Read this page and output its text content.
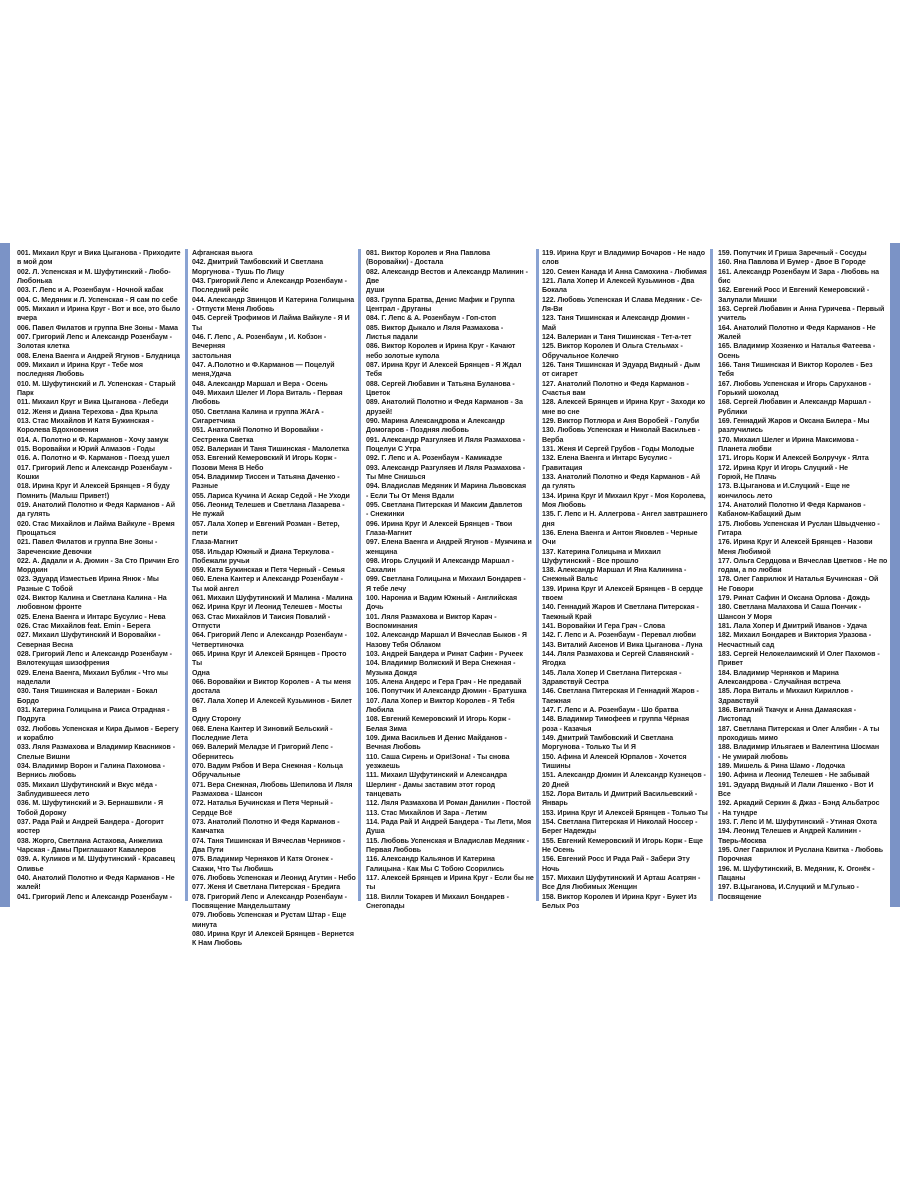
001. Михаил Круг и Вика Цыганова - Приходите
в мой дом
002. Л. Успенская и М. Шуфутинский - Любо-
Любонька
003. Г. Лепс и А. Розенбаум - Ночной кабак
004. С. Медяник и Л. Успенская - Я сам по себе
005. Михаил и Ирина Круг - Вот и все, это было
вчера
006. Павел Филатов и группа Вне Зоны - Мама
007. Григорий Лепс и Александр Розенбаум -
Золотая клетка
008. Елена Ваенга и Андрей Ягунов - Блудница
009. Михаил и Ирина Круг - Тебе моя
последняя Любовь
010. М. Шуфутинский и Л. Успенская - Старый
Парк
011. Михаил Круг и Вика Цыганова - Лебеди
012. Женя и Диана Терехова - Два Крыла
013. Стас Михайлов И Катя Бужинская -
Королева Вдохновения
014. А. Полотно и Ф. Карманов - Хочу замуж
015. Воровайки и Юрий Алмазов - Годы
016. А. Полотно и Ф. Карманов - Поезд ушел
017. Григорий Лепс и Александр Розенбаум -
Кошки
018. Ирина Круг И Алексей Брянцев - Я буду
Помнить (Малыш Привет!)
019. Анатолий Полотно и Федя Карманов - Ай
да гулять
020. Стас Михайлов и Лайма Вайкуле - Время
Прощаться
021. Павел Филатов и группа Вне Зоны -
Зареченские Девочки
022. А. Дадали и А. Дюмин - За Сто Причин Его
Мордкин
023. Эдуард Изместьев Ирина Янюк - Мы
Разные С Тобой
024. Виктор Калина и Светлана Калина - На
любовном фронте
025. Елена Ваенга и Интарс Бусулис - Нева
026. Стас Михайлов feat. Emin - Берега
027. Михаил Шуфутинский И Воровайки -
Северная Весна
028. Григорий Лепс и Александр Розенбаум -
Вялотекущая шизофрения
029. Елена Ваенга, Михаил Бублик - Что мы
наделали
030. Таня Тишинская и Валериан - Бокал
Бордо
031. Катерина Голицына и Раиса Отрадная -
Подруга
032. Любовь Успенская и Кира Дымов - Берегу
и кораблю
033. Ляля Размахова и Владимир Квасников -
Спелые Вишни
034. Владимир Ворон и Галина Пахомова -
Вернись любовь
035. Михаил Шуфутинский и Вкус мёда -
Заблудившееся лето
036. М. Шуфутинский и Э. Бернашвили - Я
Тобой Дорожу
037. Рада Рай и Андрей Бандера - Догорит
костер
038. Жорго, Светлана Астахова, Анжелика
Чарская - Дамы Приглашают Кавалеров
039. А. Куликов и М. Шуфутинский - Красавец
Оливье
040. Анатолий Полотно и Федя Карманов - Не
жалей!
041. Григорий Лепс и Александр Розенбаум -
Афганская вьюга
042. Дмитрий Тамбовский И Светлана
Моргунова - Тушь По Лицу
043. Григорий Лепс и Александр Розенбаум -
Последний рейс
044. Александр Звинцов И Катерина Голицына
- Отпусти Меня Любовь
045. Сергей Трофимов И Лайма Вайкуле - Я И
Ты
046. Г. Лепс , А. Розенбаум , И. Кобзон - Вечерняя
застольная
047. А.Полотно и Ф.Карманов — Поцелуй
меня,Удача
048. Александр Маршал и Вера - Осень
049. Михаил Шелег И Лора Виталь - Первая
Любовь
050. Светлана Калина и группа ЖАгА -
Сигаретчика
051. Анатолий Полотно И Воровайки -
Сестренка Светка
052. Валериан И Таня Тишинская - Малолетка
053. Евгений Кемеровский И Игорь Корж -
Позови Меня В Небо
054. Владимир Тиссен и Татьяна Даченко -
Разные
055. Лариса Кучина И Аскар Седой - Не Уходи
056. Леонид Телешев и Светлана Лазарева -
Не пужай
057. Лала Хопер и Евгений Розман - Ветер, пети
Глаза-Магнит
058. Ильдар Южный и Диана Теркулова -
Побежали ручьи
059. Катя Бужинская и Петя Черный - Семья
060. Елена Кантер и Александр Розенбаум -
Ты мой ангел
061. Михаил Шуфутинский И Малина - Малина
062. Ирина Круг И Леонид Телешев - Мосты
063. Стас Михайлов И Таисия Повалий -
Отпусти
064. Григорий Лепс и Александр Розенбаум -
Четвертиночка
065. Ирина Круг И Алексей Брянцев - Просто Ты
Одна
066. Воровайки и Виктор Королев - А ты меня
достала
067. Лала Хопер И Алексей Кузьминов - Билет В
Одну Сторону
068. Елена Кантер И Зиновий Бельский -
Последние Лета
069. Валерий Меладзе И Григорий Лепс -
Обернитесь
070. Вадим Рябов И Вера Снежная - Кольца
Обручальные
071. Вера Снежная, Любовь Шепилова И Ляля
Размахова - Шансон
072. Наталья Бучинская и Петя Черный -
Сердце Всё
073. Анатолий Полотно И Федя Карманов -
Камчатка
074. Таня Тишинская И Вячеслав Черников -
Два Пути
075. Владимир Черняков И Катя Огонек -
Скажи, Что Ты Любишь
076. Любовь Успенская и Леонид Агутин - Небо
077. Женя И Светлана Питерская - Бредига
078. Григорий Лепс и Александр Розенбаум -
Посвящение Мандельштаму
079. Любовь Успенская и Рустам Штар - Еще
минута
080. Ирина Круг И Алексей Брянцев - Вернется
К Нам Любовь
081. Виктор Королев и Яна Павлова
(Воровайки) - Достала
082. Александр Вестов и Александр Малинин - Две
души
083. Группа Братва, Денис Мафик и Группа
Централ - Друганы
084. Г. Лепс & А. Розенбаум - Гоп-стоп
085. Виктор Дыкало и Ляля Размахова -
Листья падали
086. Виктор Королев и Ирина Круг - Качают
небо золотые купола
087. Ирина Круг И Алексей Брянцев - Я Ждал
Тебя
088. Сергей Любавин и Татьяна Буланова -
Цветок
089. Анатолий Полотно и Федя Карманов - За
друзей!
090. Марина Александрова и Александр
Домогаров - Поздняя любовь
091. Александр Разгуляев И Ляля Размахова -
Поцелуи С Утра
092. Г. Лепс и А. Розенбаум - Камикадзе
093. Александр Разгуляев И Ляля Размахова -
Ты Мне Снишься
094. Владислав Медяник И Марина Львовская
- Если Ты От Меня Вдали
095. Светлана Питерская И Максим Давлетов
- Снежинки
096. Ирина Круг И Алексей Брянцев - Твои
Глаза-Магнит
097. Елена Ваенга и Андрей Ягунов - Мужчина и
женщина
098. Игорь Слуцкий И Александр Маршал -
Сахалин
099. Светлана Голицына и Михаил Бондарев -
Я тебе лечу
100. Нарониа и Вадим Южный - Английская
Дочь
101. Ляля Размахова и Виктор Карач -
Воспоминания
102. Александр Маршал И Вячеслав Быков - Я
Назову Тебя Облаком
103. Андрей Бандера и Ринат Сафин - Ручеек
104. Владимир Волжский И Вера Снежная -
Музыка Дождя
105. Алена Андерс и Гера Грач - Не предавай
106. Попутчик И Александр Дюмин - Братушка
107. Лала Хопер и Виктор Королев - Я Тебя
Любила
108. Евгений Кемеровский И Игорь Корж -
Белая Зима
109. Дима Васильев И Денис Майданов -
Вечная Любовь
110. Саша Сирень и Ори!Зона! - Ты снова
уезжаешь
111. Михаил Шуфутинский и Александра
Шерлинг - Дамы заставим этот город
танцевать
112. Ляля Размахова И Роман Данилин - Постой
113. Стас Михайлов И Зара - Летим
114. Рада Рай И Андрей Бандера - Ты Лети, Моя
Душа
115. Любовь Успенская и Владислав Медяник -
Первая Любовь
116. Александр Кальянов И Катерина
Галицына - Как Мы С Тобою Ссорились
117. Алексей Брянцев и Ирина Круг - Если бы не
ты
118. Вилли Токарев И Михаил Бондарев -
Снегопады
119. Ирина Круг и Владимир Бочаров - Не надо
слов
120. Семен Канада И Анна Самохина - Любимая
121. Лала Хопер И Алексей Кузьминов - Два
Бокала
122. Любовь Успенская И Слава Медяник - Се-
Ля-Ви
123. Таня Тишинская и Александр Дюмин -
Май
124. Валериан и Таня Тишинская - Тет-а-тет
125. Виктор Королев И Ольга Стельмах -
Обручальное Колечко
126. Таня Тишинская И Эдуард Видный - Дым
от сигарет
127. Анатолий Полотно и Федя Карманов -
Счастья вам
128. Алексей Брянцев и Ирина Круг - Заходи ко
мне во сне
129. Виктор Потлюра и Аня Воробей - Голуби
130. Любовь Успенская и Николай Васильев -
Верба
131. Женя И Сергей Грубов - Годы Молодые
132. Елена Ваенга и Интарс Бусулис -
Гравитация
133. Анатолий Полотно и Федя Карманов - Ай
да гулять
134. Ирина Круг И Михаил Круг - Моя Королева,
Моя Любовь
135. Г. Лепс и Н. Аллегрова - Ангел завтрашнего
дня
136. Елена Ваенга и Антон Яковлев - Черные
Очи
137. Катерина Голицына и Михаил
Шуфутинский - Все прошло
138. Александр Маршал И Яна Калинина -
Снежный Вальс
139. Ирина Круг И Алексей Брянцев - В сердце
твоем
140. Геннадий Жаров И Светлана Питерская -
Таежный Край
141. Воровайки И Гера Грач - Слова
142. Г. Лепс и А. Розенбаум - Перевал любви
143. Виталий Аксенов И Вика Цыганова - Луна
144. Ляля Размахова и Сергей Славянский -
Ягодка
145. Лала Хопер И Светлана Питерская -
Здравствуй Сестра
146. Светлана Питерская И Геннадий Жаров -
Таежная
147. Г. Лепс и А. Розенбаум - Шо братва
148. Владимир Тимофеев и группа Чёрная
роза - Казачья
149. Дмитрий Тамбовский И Светлана
Моргунова - Только Ты И Я
150. Афина И Алексей Юрпалов - Хочется
Тишины
151. Александр Дюмин И Александр Кузнецов -
20 Дней
152. Лора Виталь И Дмитрий Васильевский -
Январь
153. Ирина Круг И Алексей Брянцев - Только Ты
154. Светлана Питерская И Николай Носсер -
Берег Надежды
155. Евгений Кемеровский И Игорь Корж - Еще
Не Осень
156. Евгений Росс И Рада Рай - Забери Эту Ночь
157. Михаил Шуфутинский И Арташ Асатрян -
Все Для Любимых Женщин
158. Виктор Королев И Ирина Круг - Букет Из
Белых Роз
159. Попутчик И Гриша Заречный - Сосуды
160. Яна Павлова И Бумер - Двое В Городе
161. Александр Розенбаум И Зара - Любовь на
бис
162. Евгений Росс И Евгений Кемеровский -
Залупали Мишки
163. Сергей Любавин и Анна Гуричева - Первый
учитель
164. Анатолий Полотно и Федя Карманов - Не
Жалей
165. Владимир Хозяенко и Наталья Фатеева -
Осень
166. Таня Тишинская И Виктор Королев - Без
Тебя
167. Любовь Успенская и Игорь Саруханов -
Горький шоколад
168. Сергей Любавин и Александр Маршал -
Рублики
169. Геннадий Жаров и Оксана Билера - Мы
разлучились
170. Михаил Шелег и Ирина Максимова -
Планета любви
171. Игорь Корж И Алексей Болручук - Ялта
172. Ирина Круг И Игорь Слуцкий - Не
Горюй, Не Плачь
173. В.Цыганова и И.Слуцкий - Еще не
кончилось лето
174. Анатолий Полотно И Федя Карманов -
Кабаном-Кабацкий Дым
175. Любовь Успенская И Руслан Швыдченко -
Гитара
176. Ирина Круг И Алексей Брянцев - Назови
Меня Любимой
177. Ольга Сердцова и Вячеслав Цветков - Не по
годам, а по любви
178. Олег Гаврилюк И Наталья Бучинская - Ой
Не Говори
179. Ринат Сафин И Оксана Орлова - Дождь
180. Светлана Малахова И Саша Пончик -
Шансон У Моря
181. Лала Хопер И Дмитрий Иванов - Удача
182. Михаил Бондарев и Виктория Уразова -
Несчастный сад
183. Сергей Нелокелаимский И Олег Пахомов -
Привет
184. Владимир Черняков и Марина
Александрова - Случайная встреча
185. Лора Виталь и Михаил Кириллов -
Здравствуй
186. Виталий Ткачук и Анна Дамаяская -
Листопад
187. Светлана Питерская и Олег Алябин - А ты
проходишь мимо
188. Владимир Ильягаев и Валентина Шосман
- Не умирай любовь
189. Мишель & Рина Шамо - Лодочка
190. Афина и Леонид Телешев - Не забывай
191. Эдуард Видный И Лали Ляшенко - Вот И
Все
192. Аркадий Серкин & Джаз - Бэнд Альбатрос
- На тундре
193. Г. Лепс И М. Шуфутинский - Утиная Охота
194. Леонид Телешев и Андрей Калинин -
Тверь-Москва
195. Олег Гаврилюк И Руслана Квитка - Любовь
Порочная
196. М. Шуфутинский, В. Медяник, К. Огонёк -
Пацаны
197. В.Цыганова, И.Слуцкий и М.Гулько -
Посвящение
